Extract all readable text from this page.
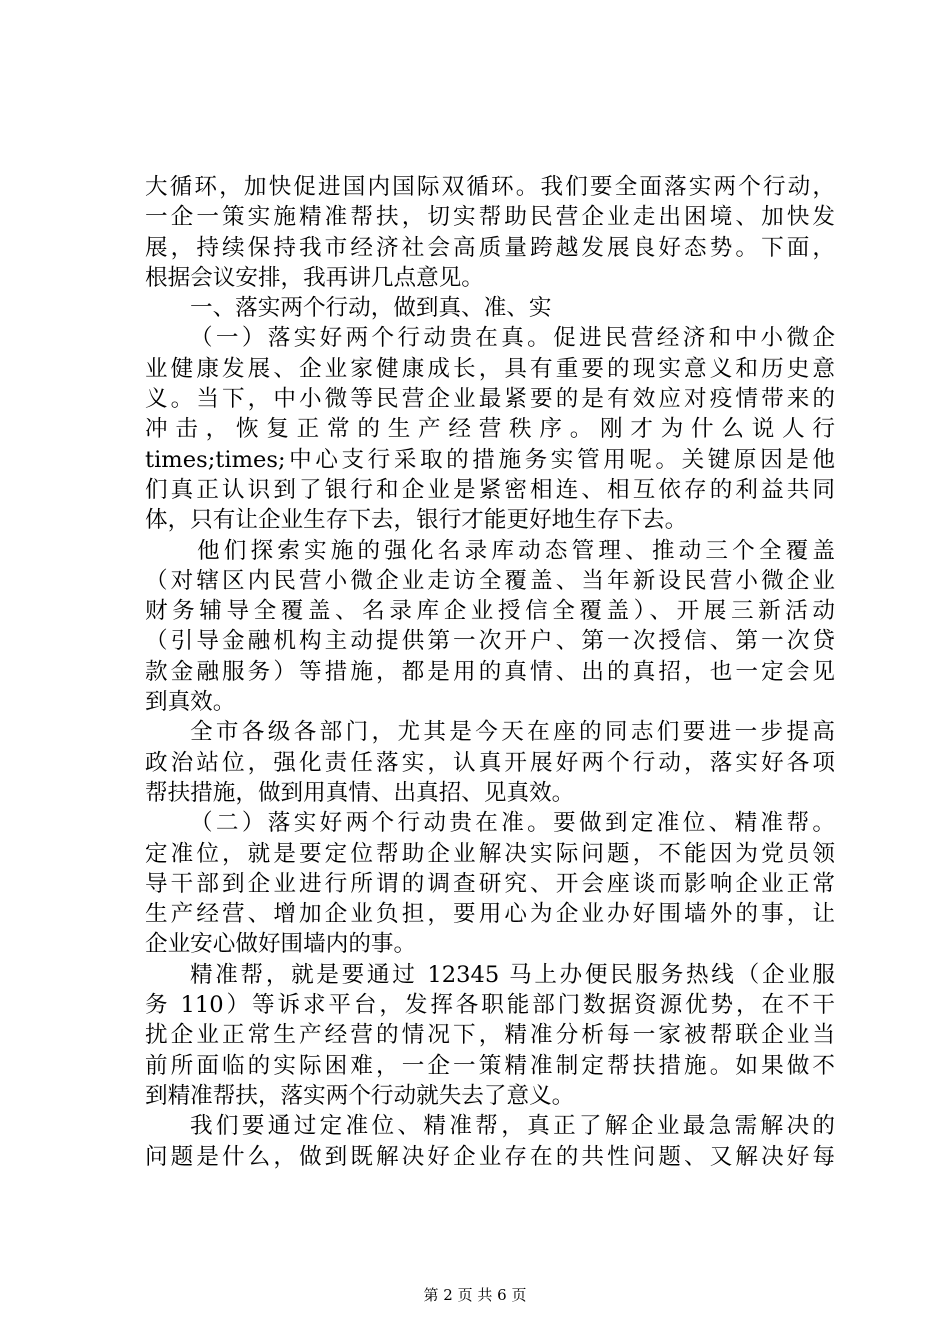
大循环，加快促进国内国际双循环。我们要全面落实两个行动，
一企一策实施精准帮扶，切实帮助民营企业走出困境、加快发
展，持续保持我市经济社会高质量跨越发展良好态势。下面，
根据会议安排，我再讲几点意见。
一、落实两个行动，做到真、准、实
（一）落实好两个行动贵在真。促进民营经济和中小微企
业健康发展、企业家健康成长，具有重要的现实意义和历史意
义。当下，中小微等民营企业最紧要的是有效应对疫情带来的
冲击，恢复正常的生产经营秩序。刚才为什么说人行
times;times;中心支行采取的措施务实管用呢。关键原因是他
们真正认识到了银行和企业是紧密相连、相互依存的利益共同
体，只有让企业生存下去，银行才能更好地生存下去。
他们探索实施的强化名录库动态管理、推动三个全覆盖
（对辖区内民营小微企业走访全覆盖、当年新设民营小微企业
财务辅导全覆盖、名录库企业授信全覆盖）、开展三新活动
（引导金融机构主动提供第一次开户、第一次授信、第一次贷
款金融服务）等措施，都是用的真情、出的真招，也一定会见
到真效。
全市各级各部门，尤其是今天在座的同志们要进一步提高
政治站位，强化责任落实，认真开展好两个行动，落实好各项
帮扶措施，做到用真情、出真招、见真效。
（二）落实好两个行动贵在准。要做到定准位、精准帮。
定准位，就是要定位帮助企业解决实际问题，不能因为党员领
导干部到企业进行所谓的调查研究、开会座谈而影响企业正常
生产经营、增加企业负担，要用心为企业办好围墙外的事，让
企业安心做好围墙内的事。
精准帮，就是要通过 12345 马上办便民服务热线（企业服
务 110）等诉求平台，发挥各职能部门数据资源优势，在不干
扰企业正常生产经营的情况下，精准分析每一家被帮联企业当
前所面临的实际困难，一企一策精准制定帮扶措施。如果做不
到精准帮扶，落实两个行动就失去了意义。
我们要通过定准位、精准帮，真正了解企业最急需解决的
问题是什么，做到既解决好企业存在的共性问题、又解决好每
第 2 页 共 6 页
